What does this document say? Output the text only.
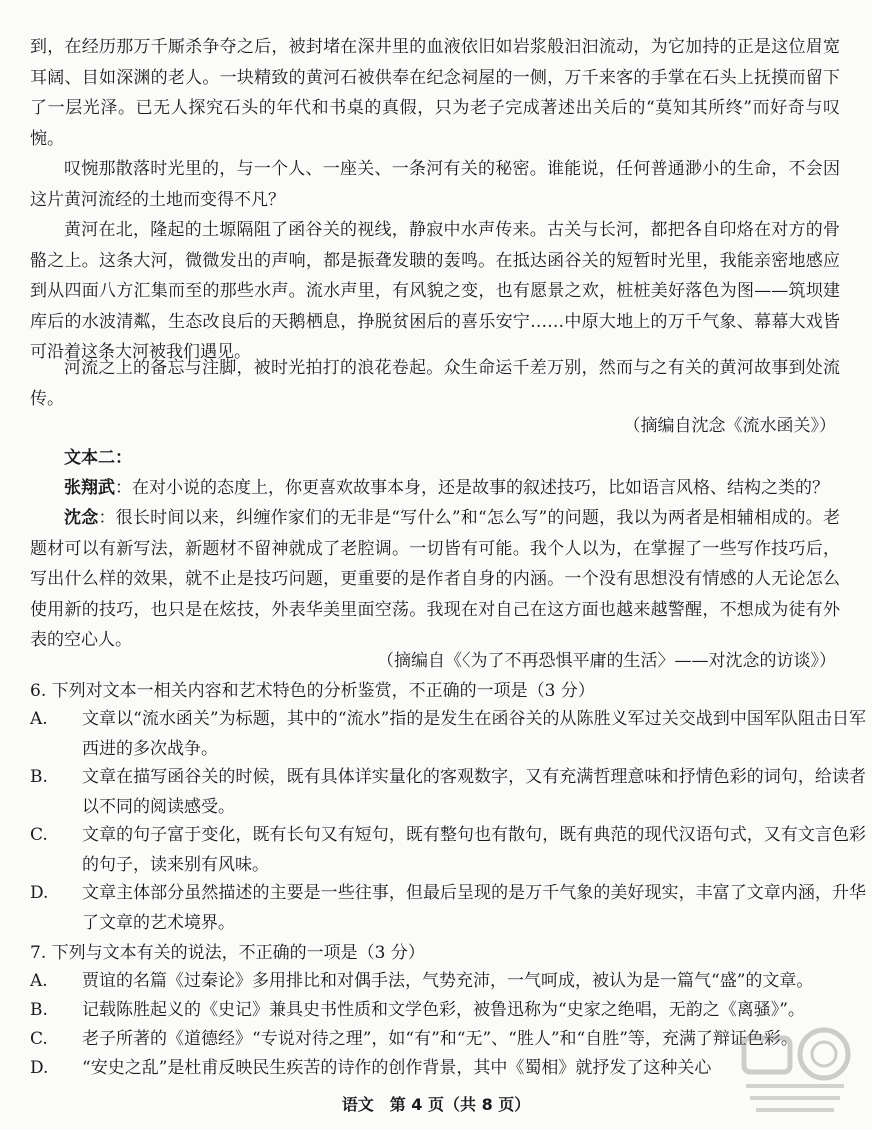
到，在经历那万千厮杀争夺之后，被封堵在深井里的血液依旧如岩浆般汩汩流动，为它加持的正是这位眉宽耳阔、目如深渊的老人。一块精致的黄河石被供奉在纪念祠屋的一侧，万千来客的手掌在石头上抚摸而留下了一层光泽。已无人探究石头的年代和书桌的真假，只为老子完成著述出关后的“莫知其所终”而好奇与叹惋。

叹惋那散落时光里的，与一个人、一座关、一条河有关的秘密。谁能说，任何普通渺小的生命，不会因这片黄河流经的土地而变得不凡？

黄河在北，隆起的土塬隔阻了函谷关的视线，静寂中水声传来。古关与长河，都把各自印烙在对方的骨骼之上。这条大河，微微发出的声响，都是振聋发聩的轰鸣。在抵达函谷关的短暂时光里，我能亲密地感应到从四面八方汇集而至的那些水声。流水声里，有风貌之变，也有愿景之欢，桩桩美好落色为图——筑坝建库后的水波清粼，生态改良后的天鹅栖息，挣脱贫困后的喜乐安宁……中原大地上的万千气象、幕幕大戏皆可沿着这条大河被我们遇见。

河流之上的备忘与注脚，被时光拍打的浪花卷起。众生命运千差万别，然而与之有关的黄河故事到处流传。

（摘编自沈念《流水函关》）

文本二：

张翔武：在对小说的态度上，你更喜欢故事本身，还是故事的叙述技巧，比如语言风格、结构之类的？

沈念：很长时间以来，纠缠作家们的无非是“写什么”和“怎么写”的问题，我以为两者是相辅相成的。老题材可以有新写法，新题材不留神就成了老腔调。一切皆有可能。我个人以为，在掌握了一些写作技巧后，写出什么样的效果，就不止是技巧问题，更重要的是作者自身的内涵。一个没有思想没有情感的人无论怎么使用新的技巧，也只是在炫技，外表华美里面空荡。我现在对自己在这方面也越来越警醒，不想成为徒有外表的空心人。

（摘编自《〈为了不再恐惧平庸的生活〉——对沈念的访谈》）

6. 下列对文本一相关内容和艺术特色的分析鉴赏，不正确的一项是（3 分）

A. 文章以“流水函关”为标题，其中的“流水”指的是发生在函谷关的从陈胜义军过关交战到中国军队阻击日军西进的多次战争。

B. 文章在描写函谷关的时候，既有具体详实量化的客观数字，又有充满哲理意味和抒情色彩的词句，给读者以不同的阅读感受。

C. 文章的句子富于变化，既有长句又有短句，既有整句也有散句，既有典范的现代汉语句式，又有文言色彩的句子，读来别有风味。

D. 文章主体部分虽然描述的主要是一些往事，但最后呈现的是万千气象的美好现实，丰富了文章内涵，升华了文章的艺术境界。

7. 下列与文本有关的说法，不正确的一项是（3 分）

A. 贾谊的名篇《过秦论》多用排比和对偶手法，气势充沛，一气呵成，被认为是一篇气“盛”的文章。

B. 记载陈胜起义的《史记》兼具史书性质和文学色彩，被鲁迅称为“史家之绝唱，无韵之《离骚》”。

C. 老子所著的《道德经》“专说对待之理”，如“有”和“无”、“胜人”和“自胜”等，充满了辩证色彩。

D. “安史之乱”是杜甫反映民生疾苦的诗作的创作背景，其中《蜀相》就抒发了这种关心

语文　第 4 页（共 8 页）
